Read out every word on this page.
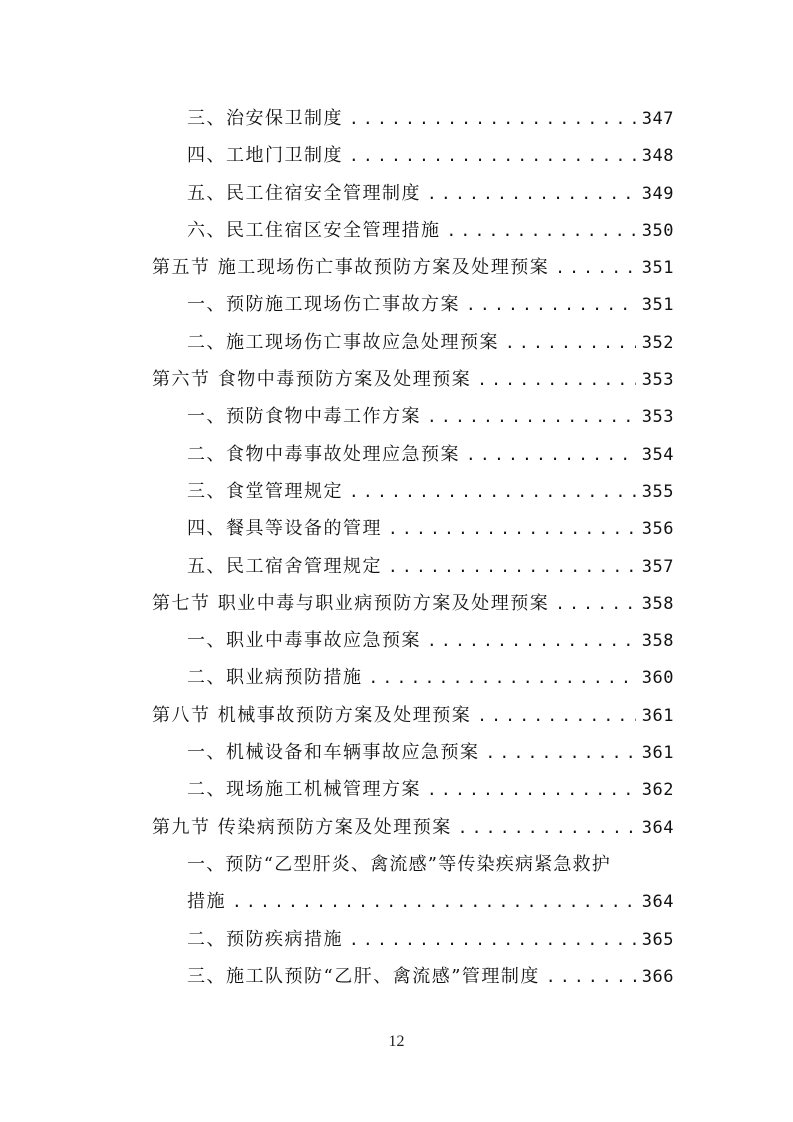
三、治安保卫制度 .....	347
四、工地门卫制度 .....	348
五、民工住宿安全管理制度 .....	349
六、民工住宿区安全管理措施 .....	350
第五节 施工现场伤亡事故预防方案及处理预案 .....	351
一、预防施工现场伤亡事故方案 .....	351
二、施工现场伤亡事故应急处理预案 .....	352
第六节 食物中毒预防方案及处理预案 .....	353
一、预防食物中毒工作方案 .....	353
二、食物中毒事故处理应急预案 .....	354
三、食堂管理规定 .....	355
四、餐具等设备的管理 .....	356
五、民工宿舍管理规定 .....	357
第七节 职业中毒与职业病预防方案及处理预案 .....	358
一、职业中毒事故应急预案 .....	358
二、职业病预防措施 .....	360
第八节 机械事故预防方案及处理预案 .....	361
一、机械设备和车辆事故应急预案 .....	361
二、现场施工机械管理方案 .....	362
第九节 传染病预防方案及处理预案 .....	364
一、预防“乙型肝炎、禽流感”等传染疾病紧急救护
措施 .....	364
二、预防疾病措施 .....	365
三、施工队预防“乙肝、禽流感”管理制度 .....	366
12
